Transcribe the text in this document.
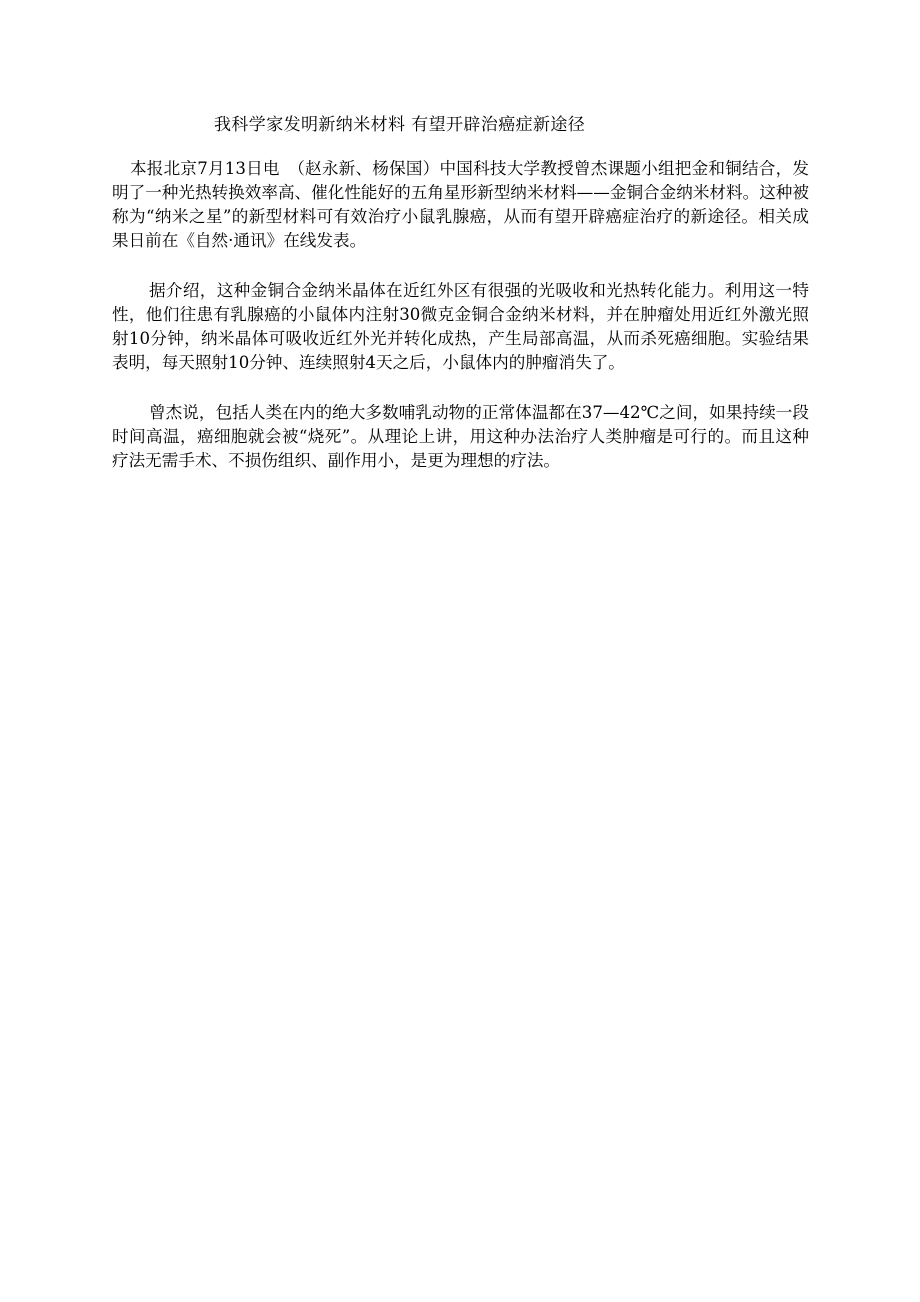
我科学家发明新纳米材料 有望开辟治癌症新途径

本报北京7月13日电　（赵永新、杨保国）中国科技大学教授曾杰课题小组把金和铜结合，发明了一种光热转换效率高、催化性能好的五角星形新型纳米材料——金铜合金纳米材料。这种被称为“纳米之星”的新型材料可有效治疗小鼠乳腺癌，从而有望开辟癌症治疗的新途径。相关成果日前在《自然·通讯》在线发表。

据介绍，这种金铜合金纳米晶体在近红外区有很强的光吸收和光热转化能力。利用这一特性，他们往患有乳腺癌的小鼠体内注射30微克金铜合金纳米材料，并在肿瘤处用近红外激光照射10分钟，纳米晶体可吸收近红外光并转化成热，产生局部高温，从而杀死癌细胞。实验结果表明，每天照射10分钟、连续照射4天之后，小鼠体内的肿瘤消失了。

曾杰说，包括人类在内的绝大多数哺乳动物的正常体温都在37—42℃之间，如果持续一段时间高温，癌细胞就会被“烧死”。从理论上讲，用这种办法治疗人类肿瘤是可行的。而且这种疗法无需手术、不损伤组织、副作用小，是更为理想的疗法。
